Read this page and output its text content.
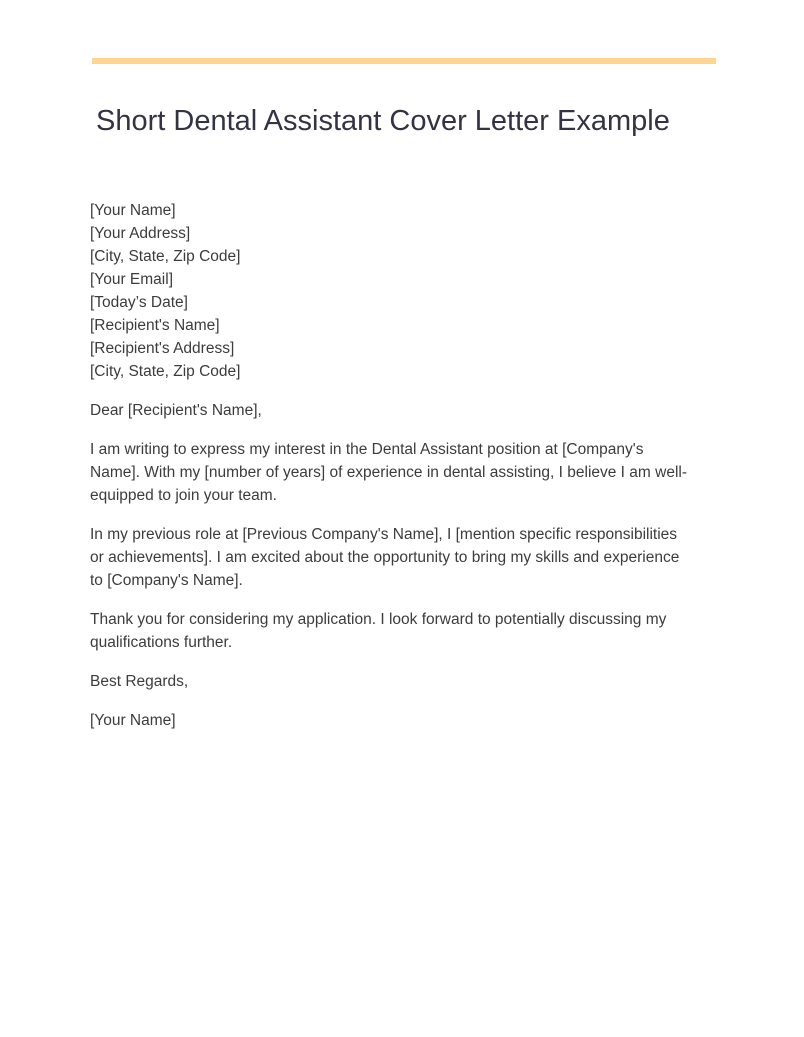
Short Dental Assistant Cover Letter Example
[Your Name]
[Your Address]
[City, State, Zip Code]
[Your Email]
[Today’s Date]
[Recipient's Name]
[Recipient's Address]
[City, State, Zip Code]

Dear [Recipient's Name],

I am writing to express my interest in the Dental Assistant position at [Company's Name]. With my [number of years] of experience in dental assisting, I believe I am well-equipped to join your team.

In my previous role at [Previous Company's Name], I [mention specific responsibilities or achievements]. I am excited about the opportunity to bring my skills and experience to [Company's Name].

Thank you for considering my application. I look forward to potentially discussing my qualifications further.

Best Regards,

[Your Name]
